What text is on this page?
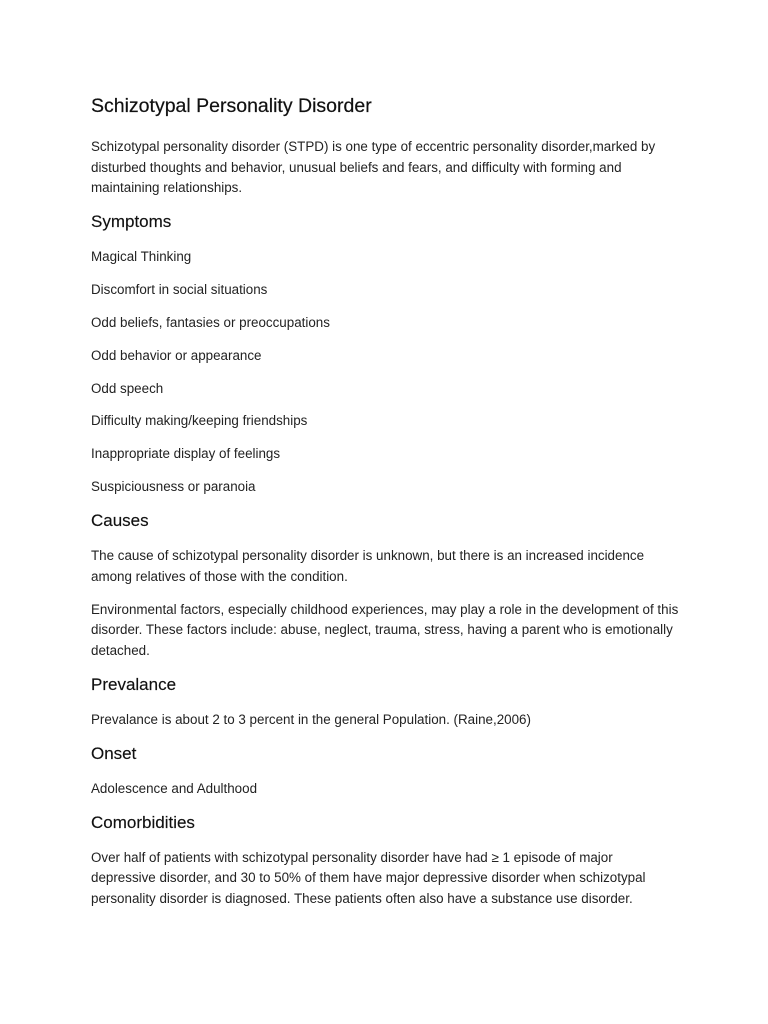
Schizotypal Personality Disorder

Schizotypal personality disorder (STPD) is one type of eccentric personality disorder,marked by disturbed thoughts and behavior, unusual beliefs and fears, and difficulty with forming and maintaining relationships.

Symptoms

Magical Thinking

Discomfort in social situations

Odd beliefs, fantasies or preoccupations

Odd behavior or appearance

Odd speech

Difficulty making/keeping friendships

Inappropriate display of feelings

Suspiciousness or paranoia

Causes

The cause of schizotypal personality disorder is unknown, but there is an increased incidence among relatives of those with the condition.

Environmental factors, especially childhood experiences, may play a role in the development of this disorder. These factors include: abuse, neglect, trauma, stress, having a parent who is emotionally detached.

Prevalance

Prevalance is about 2 to 3 percent in the general Population. (Raine,2006)

Onset

Adolescence and Adulthood

Comorbidities

Over half of patients with schizotypal personality disorder have had ≥ 1 episode of major depressive disorder, and 30 to 50% of them have major depressive disorder when schizotypal personality disorder is diagnosed. These patients often also have a substance use disorder.
